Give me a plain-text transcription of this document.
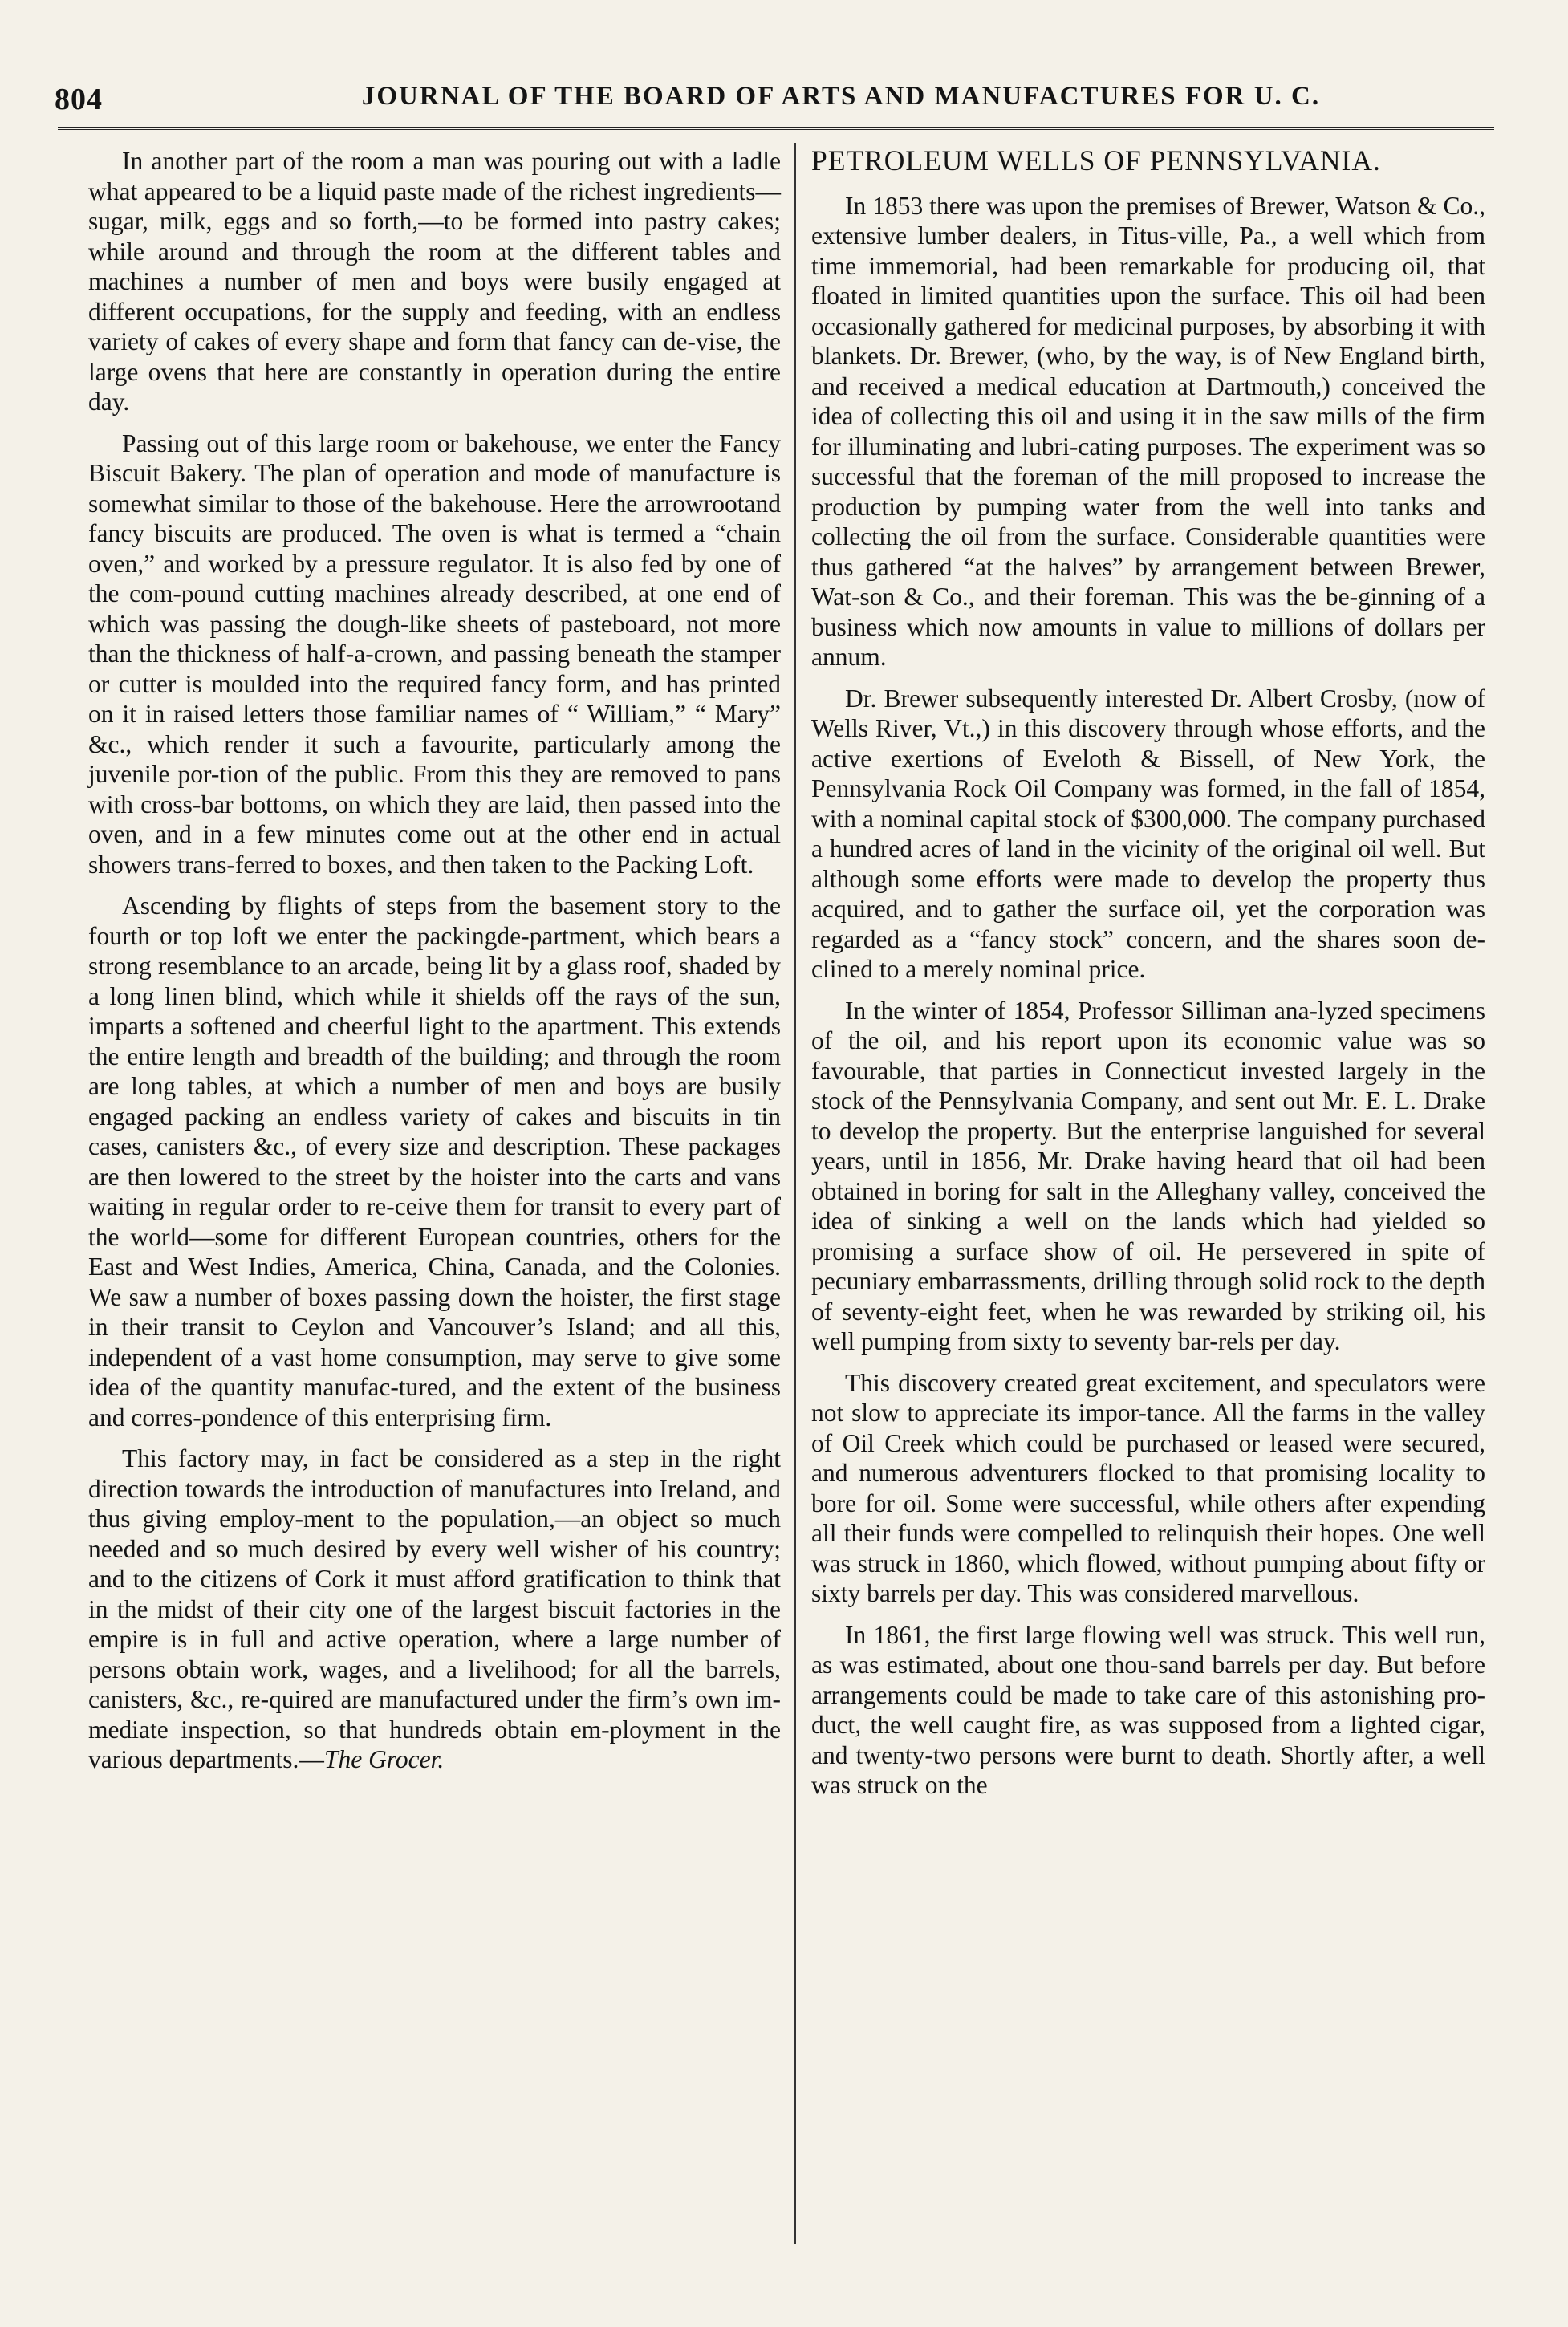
804	JOURNAL OF THE BOARD OF ARTS AND MANUFACTURES FOR U. C.

In another part of the room a man was pouring out with a ladle what appeared to be a liquid paste made of the richest ingredients—sugar, milk, eggs and so forth,—to be formed into pastry cakes; while around and through the room at the different tables and machines a number of men and boys were busily engaged at different occupations, for the supply and feeding, with an endless variety of cakes of every shape and form that fancy can de-vise, the large ovens that here are constantly in operation during the entire day.

Passing out of this large room or bakehouse, we enter the Fancy Biscuit Bakery. The plan of operation and mode of manufacture is somewhat similar to those of the bakehouse. Here the arrowrootand fancy biscuits are produced. The oven is what is termed a “chain oven,” and worked by a pressure regulator. It is also fed by one of the com-pound cutting machines already described, at one end of which was passing the dough-like sheets of pasteboard, not more than the thickness of half-a-crown, and passing beneath the stamper or cutter is moulded into the required fancy form, and has printed on it in raised letters those familiar names of “ William,” “ Mary” &c., which render it such a favourite, particularly among the juvenile por-tion of the public. From this they are removed to pans with cross-bar bottoms, on which they are laid, then passed into the oven, and in a few minutes come out at the other end in actual showers trans-ferred to boxes, and then taken to the Packing Loft.

Ascending by flights of steps from the basement story to the fourth or top loft we enter the packingde-partment, which bears a strong resemblance to an arcade, being lit by a glass roof, shaded by a long linen blind, which while it shields off the rays of the sun, imparts a softened and cheerful light to the apartment. This extends the entire length and breadth of the building; and through the room are long tables, at which a number of men and boys are busily engaged packing an endless variety of cakes and biscuits in tin cases, canisters &c., of every size and description. These packages are then lowered to the street by the hoister into the carts and vans waiting in regular order to re-ceive them for transit to every part of the world—some for different European countries, others for the East and West Indies, America, China, Canada, and the Colonies. We saw a number of boxes passing down the hoister, the first stage in their transit to Ceylon and Vancouver’s Island; and all this, independent of a vast home consumption, may serve to give some idea of the quantity manufac-tured, and the extent of the business and corres-pondence of this enterprising firm.

This factory may, in fact be considered as a step in the right direction towards the introduction of manufactures into Ireland, and thus giving employ-ment to the population,—an object so much needed and so much desired by every well wisher of his country; and to the citizens of Cork it must afford gratification to think that in the midst of their city one of the largest biscuit factories in the empire is in full and active operation, where a large number of persons obtain work, wages, and a livelihood; for all the barrels, canisters, &c., re-quired are manufactured under the firm’s own im-mediate inspection, so that hundreds obtain em-ployment in the various departments.—The Grocer.

PETROLEUM WELLS OF PENNSYLVANIA.

In 1853 there was upon the premises of Brewer, Watson & Co., extensive lumber dealers, in Titus-ville, Pa., a well which from time immemorial, had been remarkable for producing oil, that floated in limited quantities upon the surface. This oil had been occasionally gathered for medicinal purposes, by absorbing it with blankets. Dr. Brewer, (who, by the way, is of New England birth, and received a medical education at Dartmouth,) conceived the idea of collecting this oil and using it in the saw mills of the firm for illuminating and lubri-cating purposes. The experiment was so successful that the foreman of the mill proposed to increase the production by pumping water from the well into tanks and collecting the oil from the surface. Considerable quantities were thus gathered “at the halves” by arrangement between Brewer, Wat-son & Co., and their foreman. This was the be-ginning of a business which now amounts in value to millions of dollars per annum.

Dr. Brewer subsequently interested Dr. Albert Crosby, (now of Wells River, Vt.,) in this discovery through whose efforts, and the active exertions of Eveloth & Bissell, of New York, the Pennsylvania Rock Oil Company was formed, in the fall of 1854, with a nominal capital stock of $300,000. The company purchased a hundred acres of land in the vicinity of the original oil well. But although some efforts were made to develop the property thus acquired, and to gather the surface oil, yet the corporation was regarded as a “fancy stock” concern, and the shares soon de-clined to a merely nominal price.

In the winter of 1854, Professor Silliman ana-lyzed specimens of the oil, and his report upon its economic value was so favourable, that parties in Connecticut invested largely in the stock of the Pennsylvania Company, and sent out Mr. E. L. Drake to develop the property. But the enterprise languished for several years, until in 1856, Mr. Drake having heard that oil had been obtained in boring for salt in the Alleghany valley, conceived the idea of sinking a well on the lands which had yielded so promising a surface show of oil. He persevered in spite of pecuniary embarrassments, drilling through solid rock to the depth of seventy-eight feet, when he was rewarded by striking oil, his well pumping from sixty to seventy bar-rels per day.

This discovery created great excitement, and speculators were not slow to appreciate its impor-tance. All the farms in the valley of Oil Creek which could be purchased or leased were secured, and numerous adventurers flocked to that promising locality to bore for oil. Some were successful, while others after expending all their funds were compelled to relinquish their hopes. One well was struck in 1860, which flowed, without pumping about fifty or sixty barrels per day. This was considered marvellous.

In 1861, the first large flowing well was struck. This well run, as was estimated, about one thou-sand barrels per day. But before arrangements could be made to take care of this astonishing pro-duct, the well caught fire, as was supposed from a lighted cigar, and twenty-two persons were burnt to death. Shortly after, a well was struck on the
